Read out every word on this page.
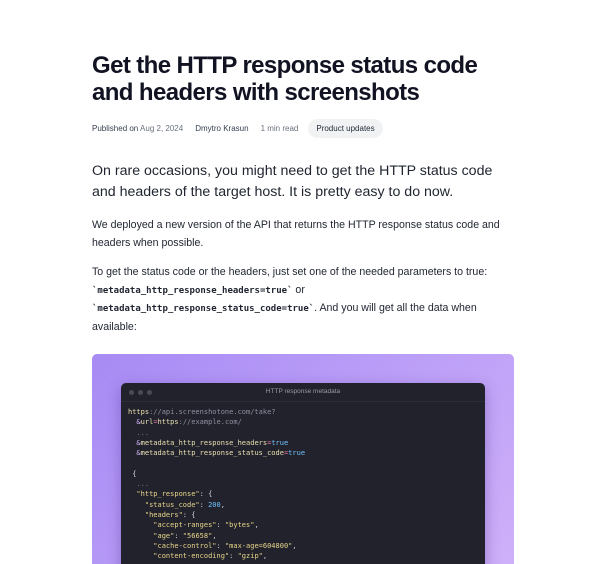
Get the HTTP response status code and headers with screenshots
Published on Aug 2, 2024 Dmytro Krasun 1 min read	Product updates

On rare occasions, you might need to get the HTTP status code and headers of the target host. It is pretty easy to do now.

We deployed a new version of the API that returns the HTTP response status code and headers when possible.

To get the status code or the headers, just set one of the needed parameters to true:
`metadata_http_response_headers=true` or
`metadata_http_response_status_code=true`. And you will get all the data when available:

HTTP response metadata
https://api.screenshotone.com/take?
&url=https://example.com/
...
&metadata_http_response_headers=true
&metadata_http_response_status_code=true
{
...
"http_response": {
"status_code": 200,
"headers": {
"accept-ranges": "bytes",
"age": "56658",
"cache-control": "max-age=604800",
"content-encoding": "gzip",
